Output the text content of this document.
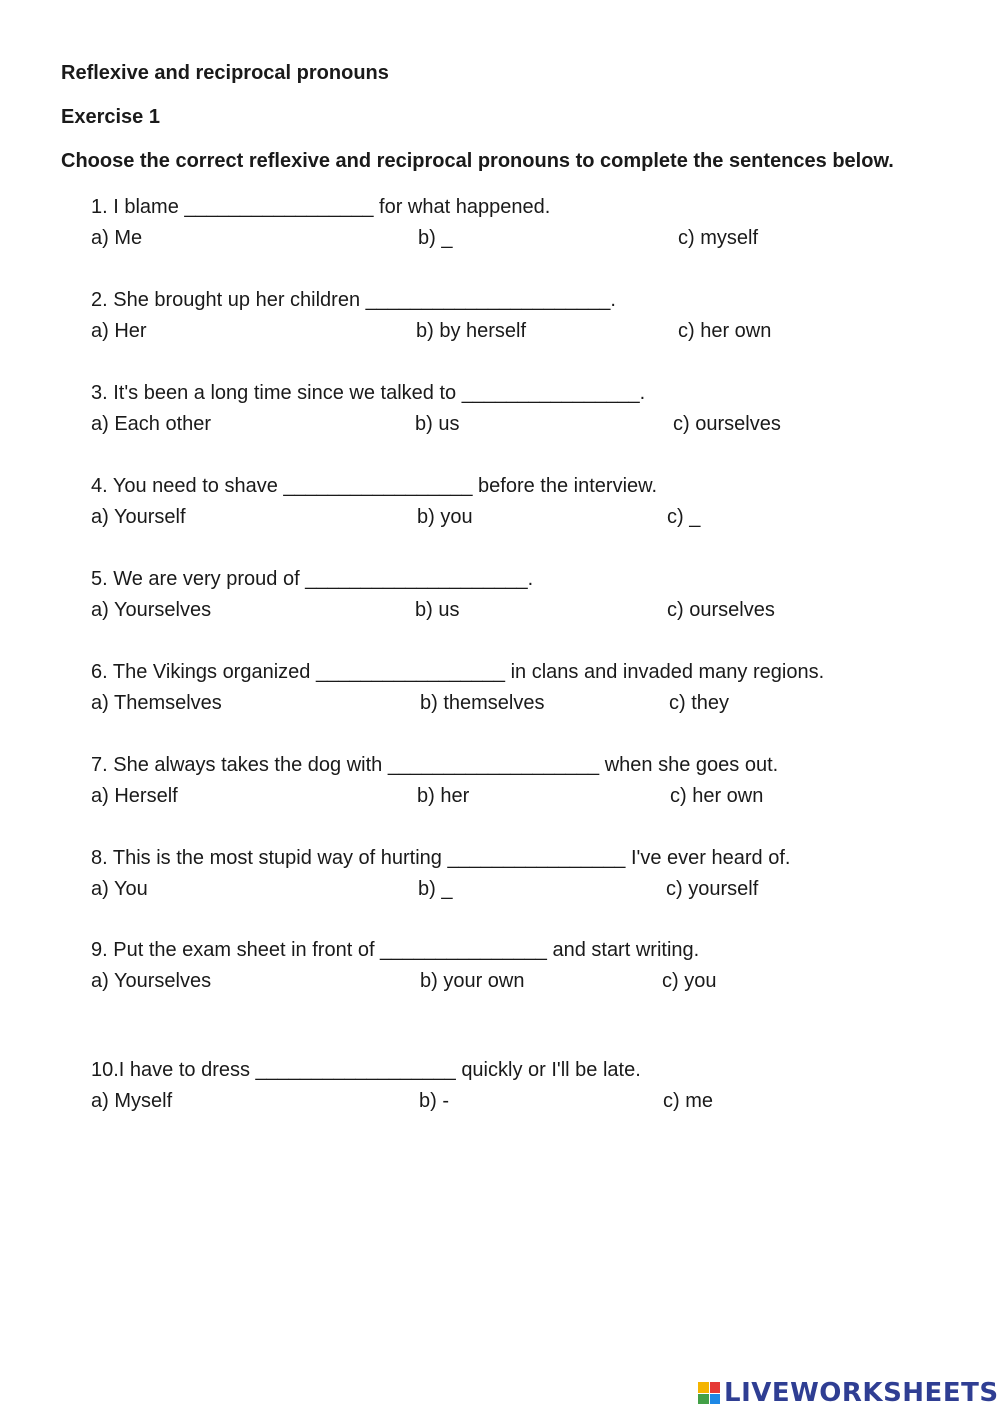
Reflexive and reciprocal pronouns
Exercise 1
Choose the correct reflexive and reciprocal pronouns to complete the sentences below.
1. I blame _________________ for what happened.
a) Me	b) _	c) myself
2. She brought up her children ______________________.
a) Her	b) by herself	c) her own
3. It's been a long time since we talked to ________________.
a) Each other	b) us	c) ourselves
4. You need to shave _________________ before the interview.
a) Yourself	b) you	c) _
5. We are very proud of ____________________.
a) Yourselves	b) us	c) ourselves
6. The Vikings organized _________________ in clans and invaded many regions.
a) Themselves	b) themselves	c) they
7. She always takes the dog with ___________________ when she goes out.
a) Herself	b) her	c) her own
8. This is the most stupid way of hurting ________________ I've ever heard of.
a) You	b) _	c) yourself
9. Put the exam sheet in front of _______________ and start writing.
a) Yourselves	b) your own	c) you
10.I have to dress __________________ quickly or I'll be late.
a) Myself	b) -	c) me
LIVEWORKSHEETS
